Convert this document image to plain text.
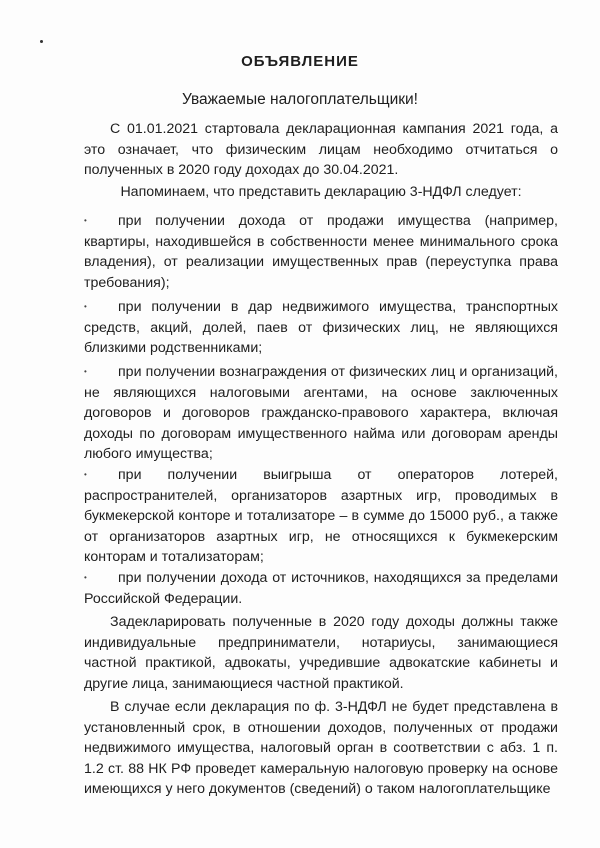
ОБЪЯВЛЕНИЕ
Уважаемые налогоплательщики!

С 01.01.2021 стартовала декларационная кампания 2021 года, а это означает, что физическим лицам необходимо отчитаться о полученных в 2020 году доходах до 30.04.2021.

Напоминаем, что представить декларацию 3-НДФЛ следует:

• при получении дохода от продажи имущества (например, квартиры, находившейся в собственности менее минимального срока владения), от реализации имущественных прав (переуступка права требования);

• при получении в дар недвижимого имущества, транспортных средств, акций, долей, паев от физических лиц, не являющихся близкими родственниками;

• при получении вознаграждения от физических лиц и организаций, не являющихся налоговыми агентами, на основе заключенных договоров и договоров гражданско-правового характера, включая доходы по договорам имущественного найма или договорам аренды любого имущества;

• при получении выигрыша от операторов лотерей, распространителей, организаторов азартных игр, проводимых в букмекерской конторе и тотализаторе – в сумме до 15000 руб., а также от организаторов азартных игр, не относящихся к букмекерским конторам и тотализаторам;

• при получении дохода от источников, находящихся за пределами Российской Федерации.

Задекларировать полученные в 2020 году доходы должны также индивидуальные предприниматели, нотариусы, занимающиеся частной практикой, адвокаты, учредившие адвокатские кабинеты и другие лица, занимающиеся частной практикой.

В случае если декларация по ф. 3-НДФЛ не будет представлена в установленный срок, в отношении доходов, полученных от продажи недвижимого имущества, налоговый орган в соответствии с абз. 1 п. 1.2 ст. 88 НК РФ проведет камеральную налоговую проверку на основе имеющихся у него документов (сведений) о таком налогоплательщике
